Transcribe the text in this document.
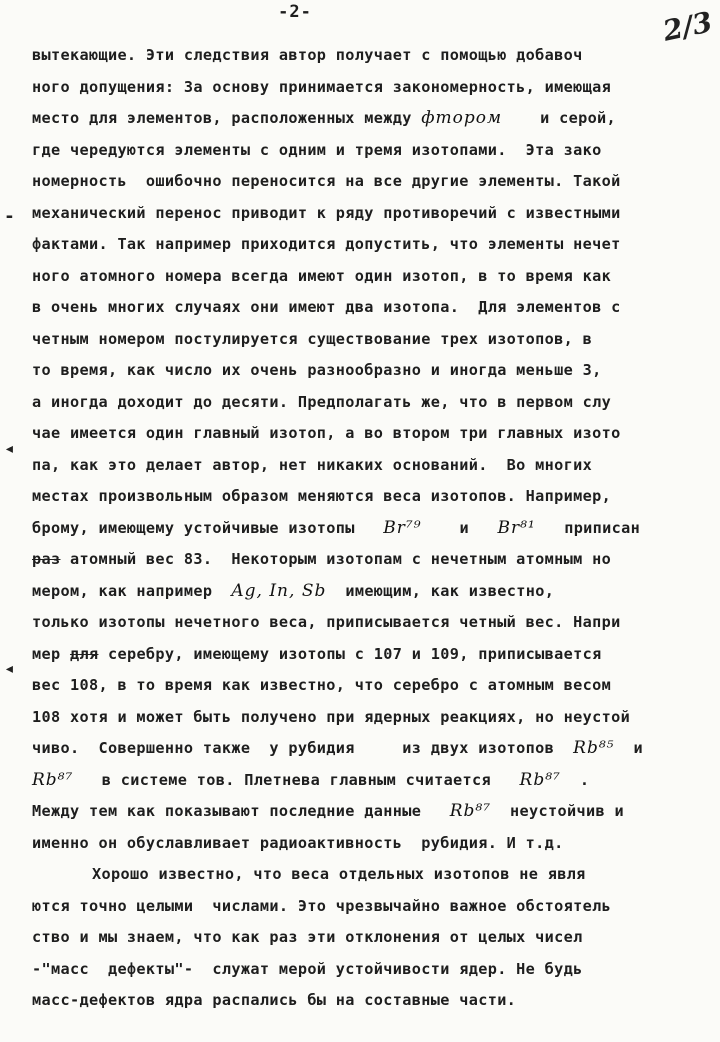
-2-	2/3
-
◂
◂
вытекающие. Эти следствия автор получает с помощью добавоч
ного допущения: За основу принимается закономерность, имеющая
место для элементов, расположенных между фтором    и серой,
где чередуются элементы с одним и тремя изотопами.  Эта зако
номерность  ошибочно переносится на все другие элементы. Такой
механический перенос приводит к ряду противоречий с известными
фактами. Так например приходится допустить, что элементы нечет
ного атомного номера всегда имеют один изотоп, в то время как
в очень многих случаях они имеют два изотопа.  Для элементов с
четным номером постулируется существование трех изотопов, в
то время, как число их очень разнообразно и иногда меньше 3,
а иногда доходит до десяти. Предполагать же, что в первом слу
чае имеется один главный изотоп, а во втором три главных изото
па, как это делает автор, нет никаких оснований.  Во многих
местах произвольным образом меняются веса изотопов. Например,
брому, имеющему устойчивые изотопы   Br⁷⁹    и   Br⁸¹   приписан
раз атомный вес 83.  Некоторым изотопам с нечетным атомным но
мером, как например  Ag, In, Sb  имеющим, как известно,
только изотопы нечетного веса, приписывается четный вес. Напри
мер для серебру, имеющему изотопы с 107 и 109, приписывается
вес 108, в то время как известно, что серебро с атомным весом
108 хотя и может быть получено при ядерных реакциях, но неустой
чиво.  Совершенно также  у рубидия     из двух изотопов  Rb⁸⁵  и
Rb⁸⁷   в системе тов. Плетнева главным считается   Rb⁸⁷  .
Между тем как показывают последние данные   Rb⁸⁷  неустойчив и
именно он обуславливает радиоактивность  рубидия. И т.д.
Хорошо известно, что веса отдельных изотопов не явля
ются точно целыми  числами. Это чрезвычайно важное обстоятель
ство и мы знаем, что как раз эти отклонения от целых чисел
-"масс  дефекты"-  служат мерой устойчивости ядер. Не будь
масс-дефектов ядра распались бы на составные части.
